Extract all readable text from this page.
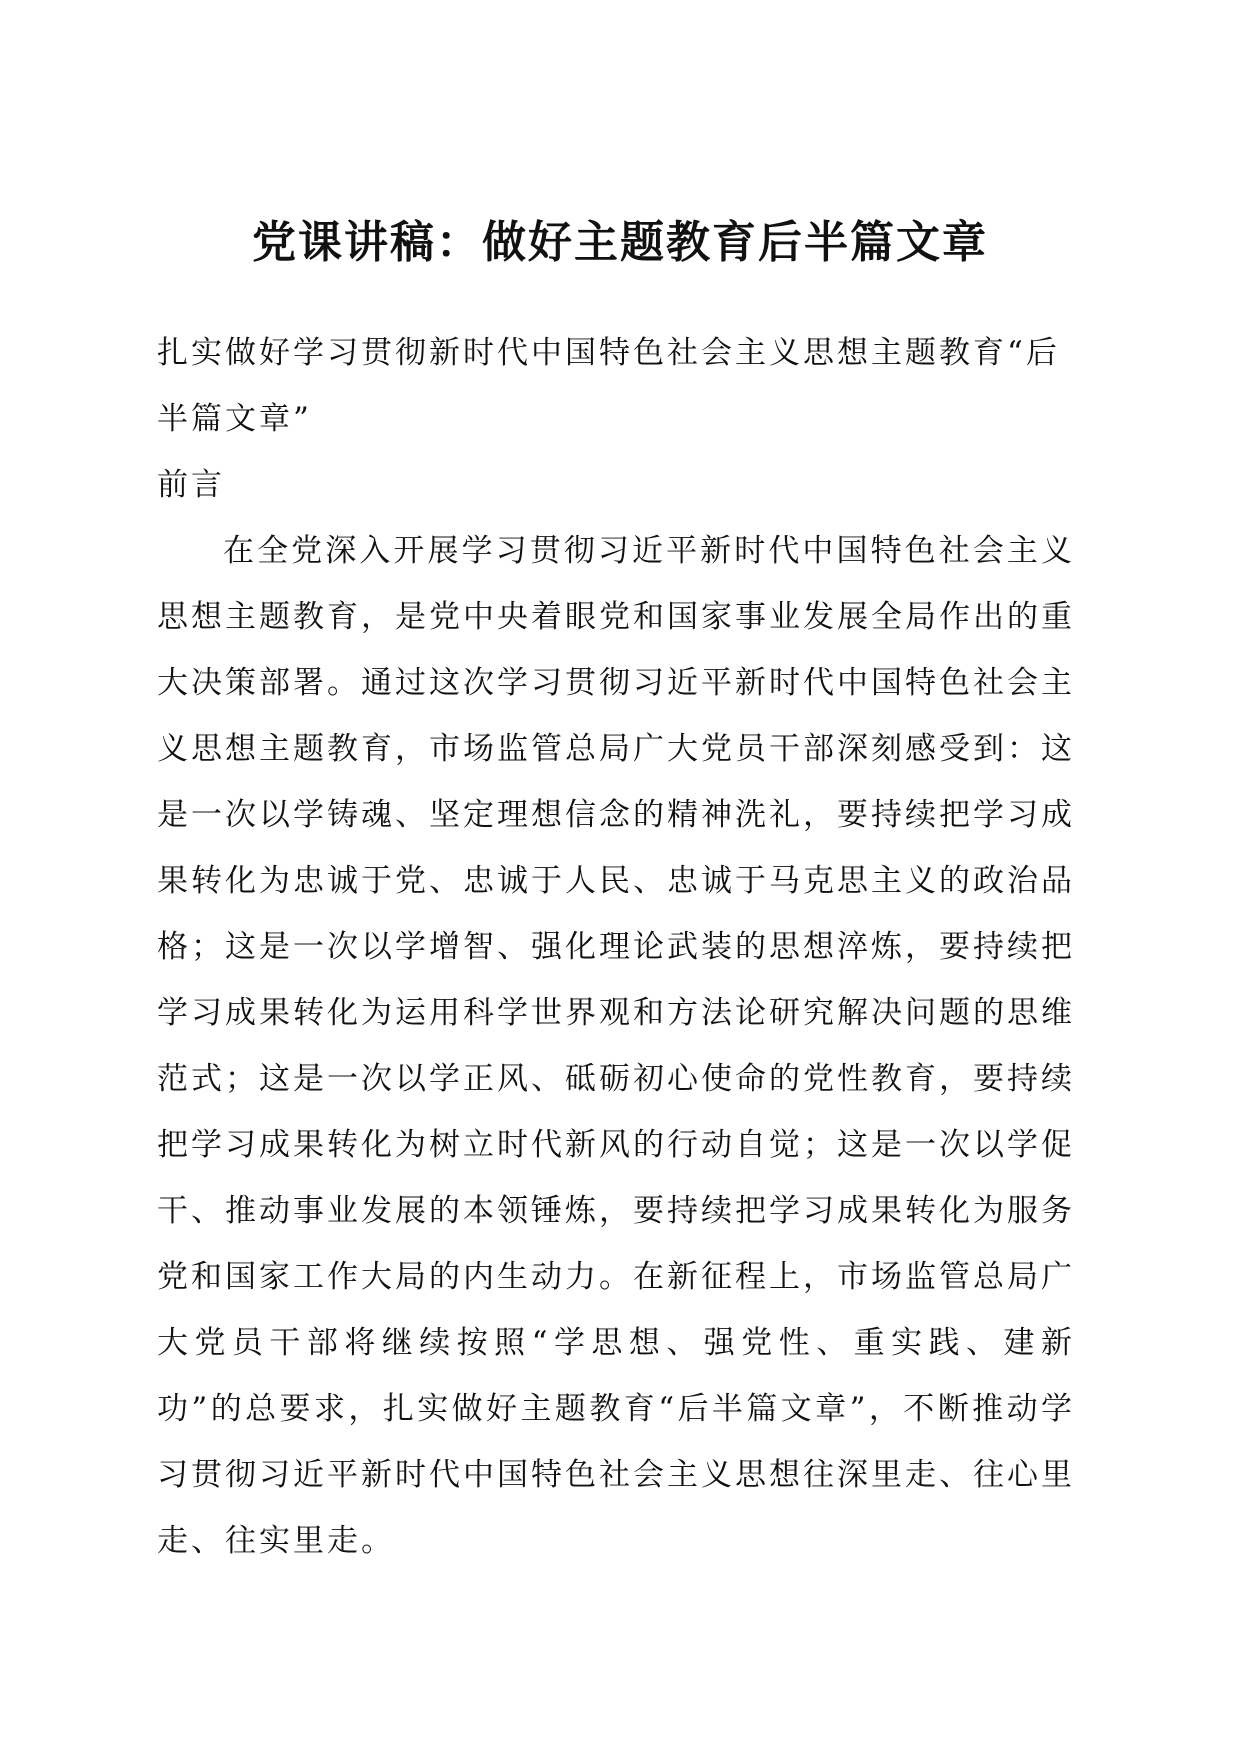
党课讲稿：做好主题教育后半篇文章

扎实做好学习贯彻新时代中国特色社会主义思想主题教育“后半篇文章”

前言

在全党深入开展学习贯彻习近平新时代中国特色社会主义思想主题教育，是党中央着眼党和国家事业发展全局作出的重大决策部署。通过这次学习贯彻习近平新时代中国特色社会主义思想主题教育，市场监管总局广大党员干部深刻感受到：这是一次以学铸魂、坚定理想信念的精神洗礼，要持续把学习成果转化为忠诚于党、忠诚于人民、忠诚于马克思主义的政治品格；这是一次以学增智、强化理论武装的思想淬炼，要持续把学习成果转化为运用科学世界观和方法论研究解决问题的思维范式；这是一次以学正风、砥砺初心使命的党性教育，要持续把学习成果转化为树立时代新风的行动自觉；这是一次以学促干、推动事业发展的本领锤炼，要持续把学习成果转化为服务党和国家工作大局的内生动力。在新征程上，市场监管总局广大党员干部将继续按照“学思想、强党性、重实践、建新功”的总要求，扎实做好主题教育“后半篇文章”，不断推动学习贯彻习近平新时代中国特色社会主义思想往深里走、往心里走、往实里走。
